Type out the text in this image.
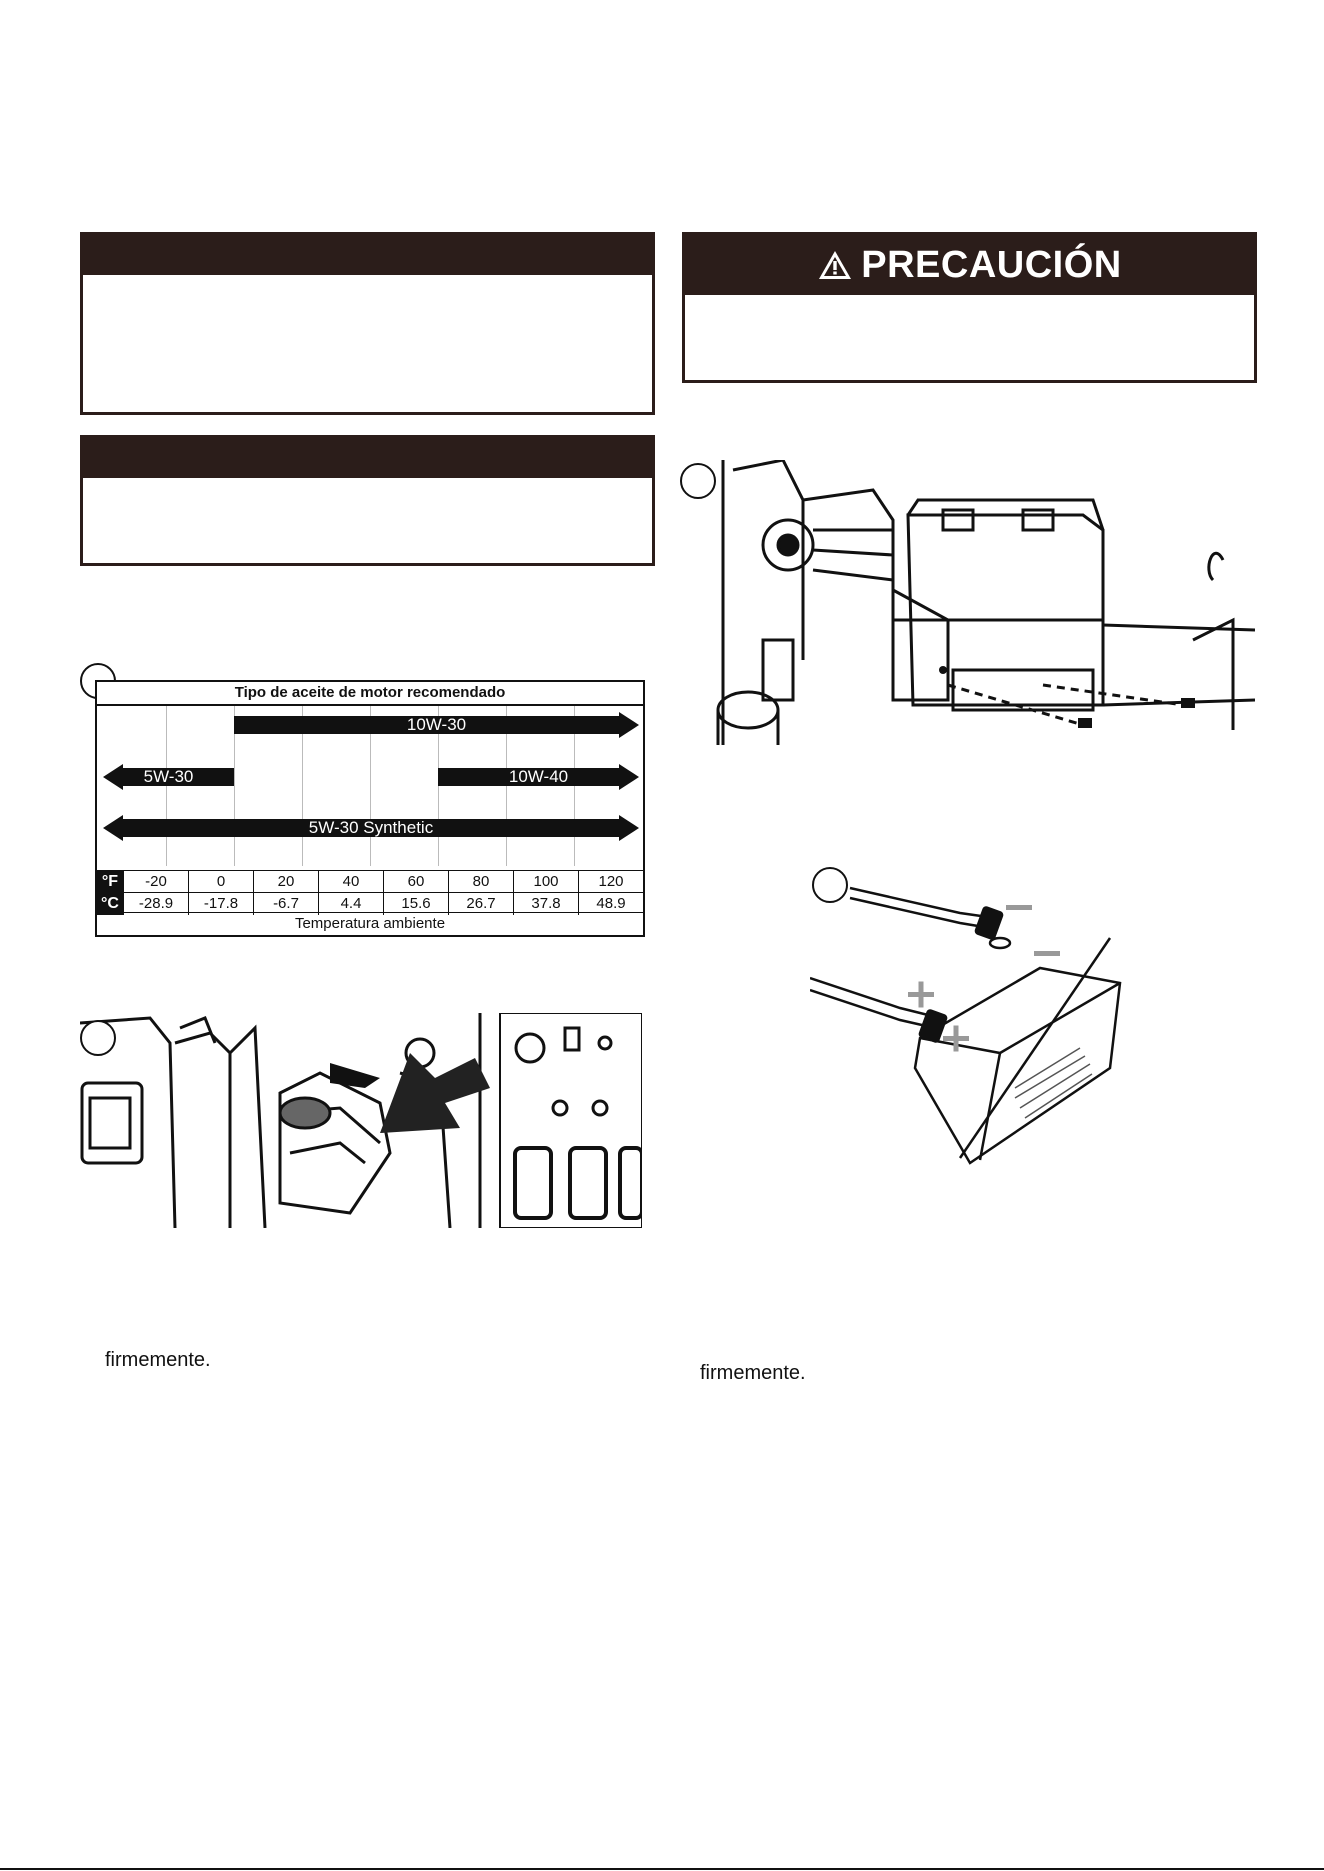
PRECAUCIÓN
Tipo de aceite de motor recomendado
10W-30
5W-30	10W-40
5W-30 Synthetic
°F	-20	0	20	40	60	80	100	120
°C	-28.9	-17.8	-6.7	4.4	15.6	26.7	37.8	48.9
Temperatura ambiente
firmemente.
firmemente.
